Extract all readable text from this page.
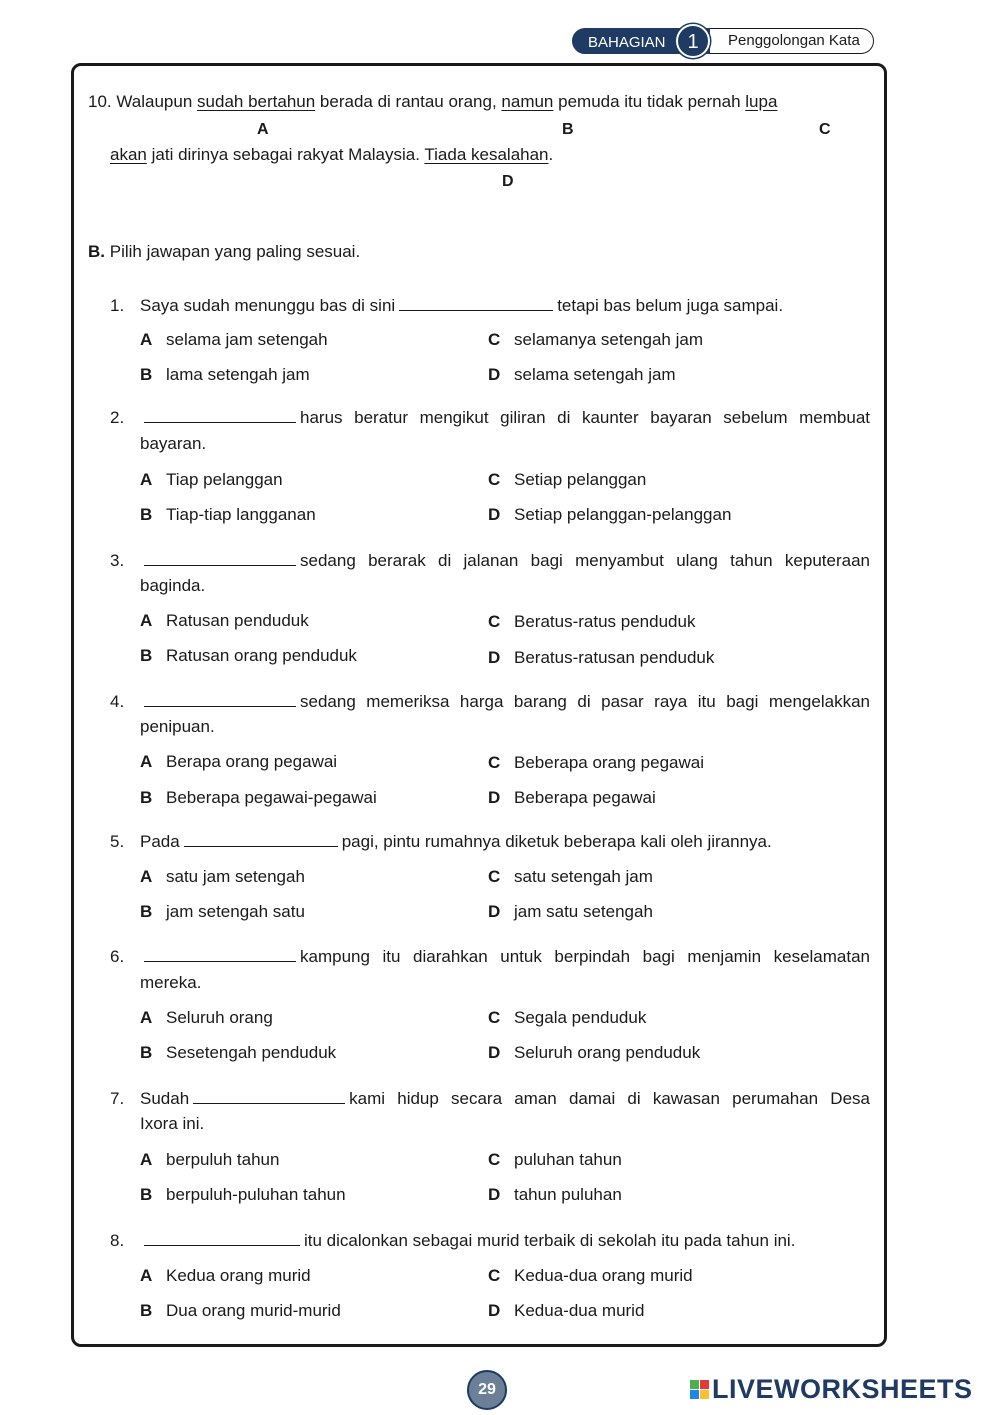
BAHAGIAN	Penggolongan Kata
1
10. Walaupun sudah bertahun berada di rantau orang, namun pemuda itu tidak pernah lupa
A	B	C
akan jati dirinya sebagai rakyat Malaysia. Tiada kesalahan.
D
B. Pilih jawapan yang paling sesuai.
1. Saya sudah menunggu bas di sini	tetapi bas belum juga sampai.
A selama jam setengah	C selamanya setengah jam
B lama setengah jam	D selama setengah jam
2.	harus beratur mengikut giliran di kaunter bayaran sebelum membuat
bayaran.
A Tiap pelanggan	C Setiap pelanggan
B Tiap-tiap langganan	D Setiap pelanggan-pelanggan
3.	sedang berarak di jalanan bagi menyambut ulang tahun keputeraan
baginda.
A Ratusan penduduk	C Beratus-ratus penduduk
B Ratusan orang penduduk	D Beratus-ratusan penduduk
4.	sedang memeriksa harga barang di pasar raya itu bagi mengelakkan
penipuan.
A Berapa orang pegawai	C Beberapa orang pegawai
B Beberapa pegawai-pegawai	D Beberapa pegawai
5. Pada	pagi, pintu rumahnya diketuk beberapa kali oleh jirannya.
A satu jam setengah	C satu setengah jam
B jam setengah satu	D jam satu setengah
6.	kampung itu diarahkan untuk berpindah bagi menjamin keselamatan
mereka.
A Seluruh orang	C Segala penduduk
B Sesetengah penduduk	D Seluruh orang penduduk
7. Sudah	kami hidup secara aman damai di kawasan perumahan Desa
Ixora ini.
A berpuluh tahun	C puluhan tahun
B berpuluh-puluhan tahun	D tahun puluhan
8.	itu dicalonkan sebagai murid terbaik di sekolah itu pada tahun ini.
A Kedua orang murid	C Kedua-dua orang murid
B Dua orang murid-murid	D Kedua-dua murid
29	LIVEWORKSHEETS
